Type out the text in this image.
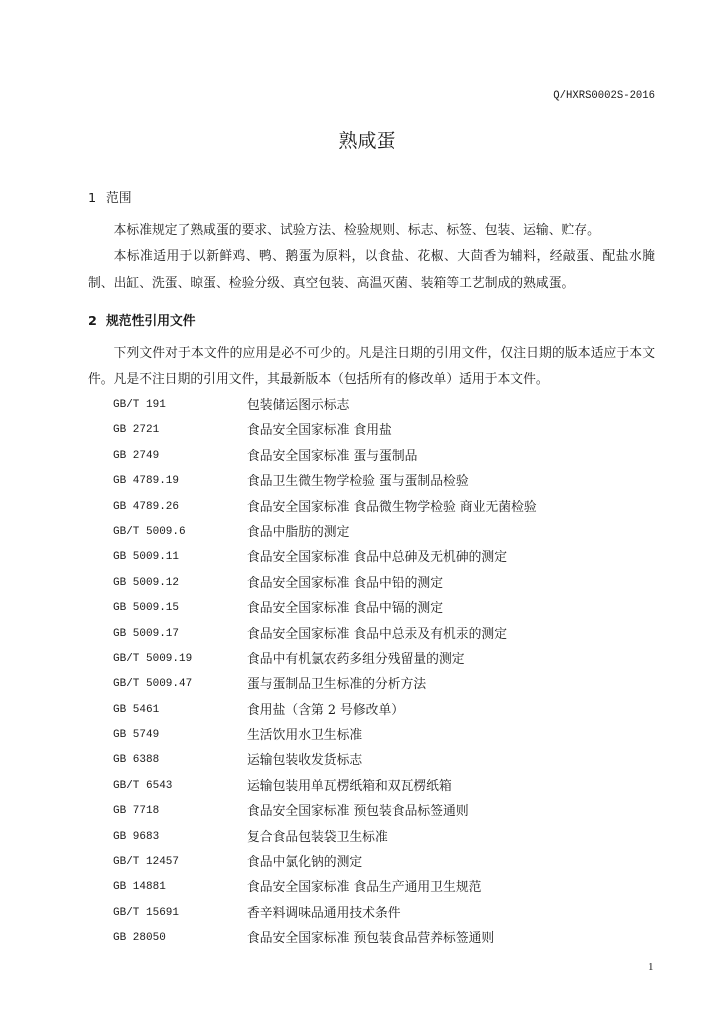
Q/HXRS0002S-2016
熟咸蛋
1 范围

本标准规定了熟咸蛋的要求、试验方法、检验规则、标志、标签、包装、运输、贮存。

本标准适用于以新鲜鸡、鸭、鹅蛋为原料，以食盐、花椒、大茴香为辅料，经敲蛋、配盐水腌制、出缸、洗蛋、晾蛋、检验分级、真空包装、高温灭菌、装箱等工艺制成的熟咸蛋。

2 规范性引用文件

下列文件对于本文件的应用是必不可少的。凡是注日期的引用文件，仅注日期的版本适应于本文件。凡是不注日期的引用文件，其最新版本（包括所有的修改单）适用于本文件。

GB/T 191	包装储运图示标志
GB 2721	食品安全国家标准 食用盐
GB 2749	食品安全国家标准 蛋与蛋制品
GB 4789.19	食品卫生微生物学检验 蛋与蛋制品检验
GB 4789.26	食品安全国家标准 食品微生物学检验 商业无菌检验
GB/T 5009.6	食品中脂肪的测定
GB 5009.11	食品安全国家标准 食品中总砷及无机砷的测定
GB 5009.12	食品安全国家标准 食品中铅的测定
GB 5009.15	食品安全国家标准 食品中镉的测定
GB 5009.17	食品安全国家标准 食品中总汞及有机汞的测定
GB/T 5009.19	食品中有机氯农药多组分残留量的测定
GB/T 5009.47	蛋与蛋制品卫生标准的分析方法
GB 5461	食用盐（含第 2 号修改单）
GB 5749	生活饮用水卫生标准
GB 6388	运输包装收发货标志
GB/T 6543	运输包装用单瓦楞纸箱和双瓦楞纸箱
GB 7718	食品安全国家标准 预包装食品标签通则
GB 9683	复合食品包装袋卫生标准
GB/T 12457	食品中氯化钠的测定
GB 14881	食品安全国家标准 食品生产通用卫生规范
GB/T 15691	香辛料调味品通用技术条件
GB 28050	食品安全国家标准 预包装食品营养标签通则
1
